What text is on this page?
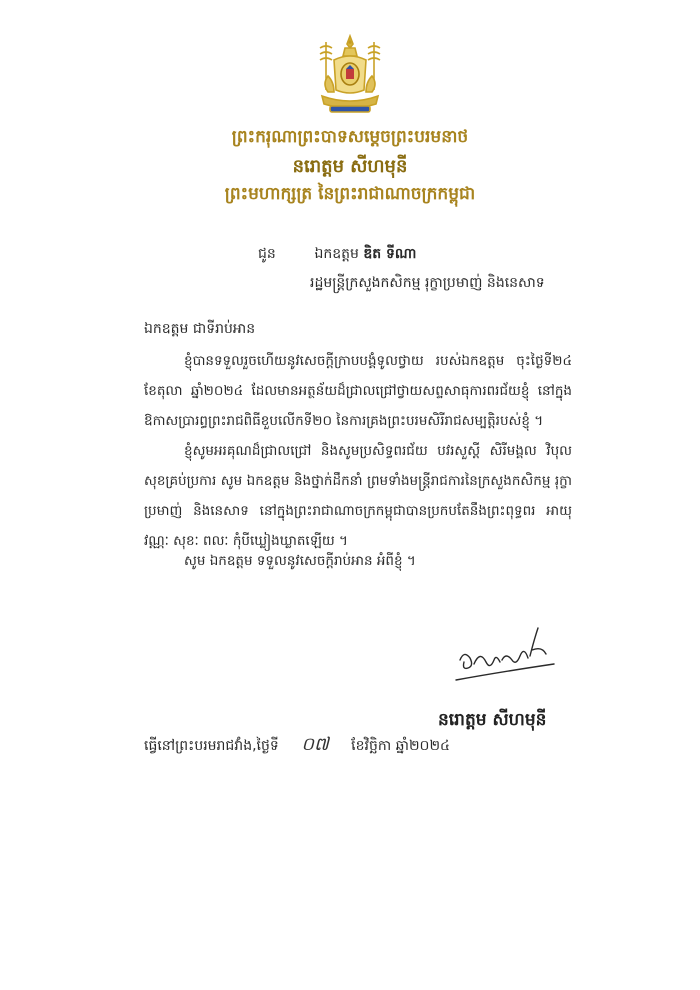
ព្រះករុណាព្រះបាទសម្តេចព្រះបរមនាថ
នរោត្តម សីហមុនី
ព្រះមហាក្សត្រ នៃព្រះរាជាណាចក្រកម្ពុជា
ជូន	ឯកឧត្តម ឌិត ទីណា
រដ្ឋមន្ត្រីក្រសួងកសិកម្ម រុក្ខាប្រមាញ់ និងនេសាទ
ឯកឧត្តម ជាទីរាប់អាន
ខ្ញុំបានទទួលរួចហើយនូវសេចក្តីក្រាបបង្គំទូលថ្វាយ របស់ឯកឧត្តម ចុះថ្ងៃទី២៤ ខែតុលា ឆ្នាំ២០២៤ ដែលមានអត្ថន័យដ៏ជ្រាលជ្រៅថ្វាយសព្ទសាធុការពរជ័យខ្ញុំ នៅក្នុងឱកាសប្រារព្ធព្រះរាជពិធីខួបលើកទី២០ នៃការគ្រងព្រះបរមសិរីរាជសម្បត្តិរបស់ខ្ញុំ ។
ខ្ញុំសូមអរគុណដ៏ជ្រាលជ្រៅ និងសូមប្រសិទ្ធពរជ័យ បវរសួស្តី សិរីមង្គល វិបុលសុខគ្រប់ប្រការ សូម ឯកឧត្តម និងថ្នាក់ដឹកនាំ ព្រមទាំងមន្ត្រីរាជការនៃក្រសួងកសិកម្ម រុក្ខាប្រមាញ់ និងនេសាទ នៅក្នុងព្រះរាជាណាចក្រកម្ពុជាបានប្រកបតែនឹងព្រះពុទ្ធពរ អាយុ វណ្ណៈ សុខៈ ពលៈ កុំបីឃ្លៀងឃ្លាតឡើយ ។
សូម ឯកឧត្តម ទទួលនូវសេចក្តីរាប់អាន អំពីខ្ញុំ ។
នរោត្តម សីហមុនី
ធ្វើនៅព្រះបរមរាជវាំង,ថ្ងៃទី ០៧ ខែវិច្ឆិកា ឆ្នាំ២០២៤
